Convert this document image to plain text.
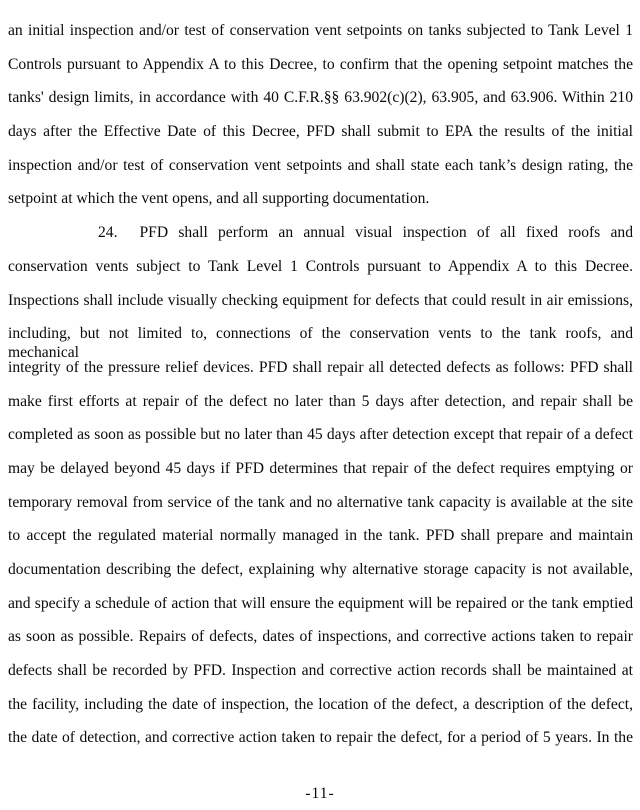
an initial inspection and/or test of conservation vent setpoints on tanks subjected to Tank Level 1
Controls pursuant to Appendix A to this Decree, to confirm that the opening setpoint matches the
tanks' design limits, in accordance with 40 C.F.R.§§ 63.902(c)(2), 63.905, and 63.906. Within 210
days after the Effective Date of this Decree, PFD shall submit to EPA the results of the initial
inspection and/or test of conservation vent setpoints and shall state each tank’s design rating, the
setpoint at which the vent opens, and all supporting documentation.
24. PFD shall perform an annual visual inspection of all fixed roofs and
conservation vents subject to Tank Level 1 Controls pursuant to Appendix A to this Decree.
Inspections shall include visually checking equipment for defects that could result in air emissions,
including, but not limited to, connections of the conservation vents to the tank roofs, and mechanical
integrity of the pressure relief devices. PFD shall repair all detected defects as follows: PFD shall
make first efforts at repair of the defect no later than 5 days after detection, and repair shall be
completed as soon as possible but no later than 45 days after detection except that repair of a defect
may be delayed beyond 45 days if PFD determines that repair of the defect requires emptying or
temporary removal from service of the tank and no alternative tank capacity is available at the site
to accept the regulated material normally managed in the tank. PFD shall prepare and maintain
documentation describing the defect, explaining why alternative storage capacity is not available,
and specify a schedule of action that will ensure the equipment will be repaired or the tank emptied
as soon as possible. Repairs of defects, dates of inspections, and corrective actions taken to repair
defects shall be recorded by PFD. Inspection and corrective action records shall be maintained at
the facility, including the date of inspection, the location of the defect, a description of the defect,
the date of detection, and corrective action taken to repair the defect, for a period of 5 years. In the
-11-
